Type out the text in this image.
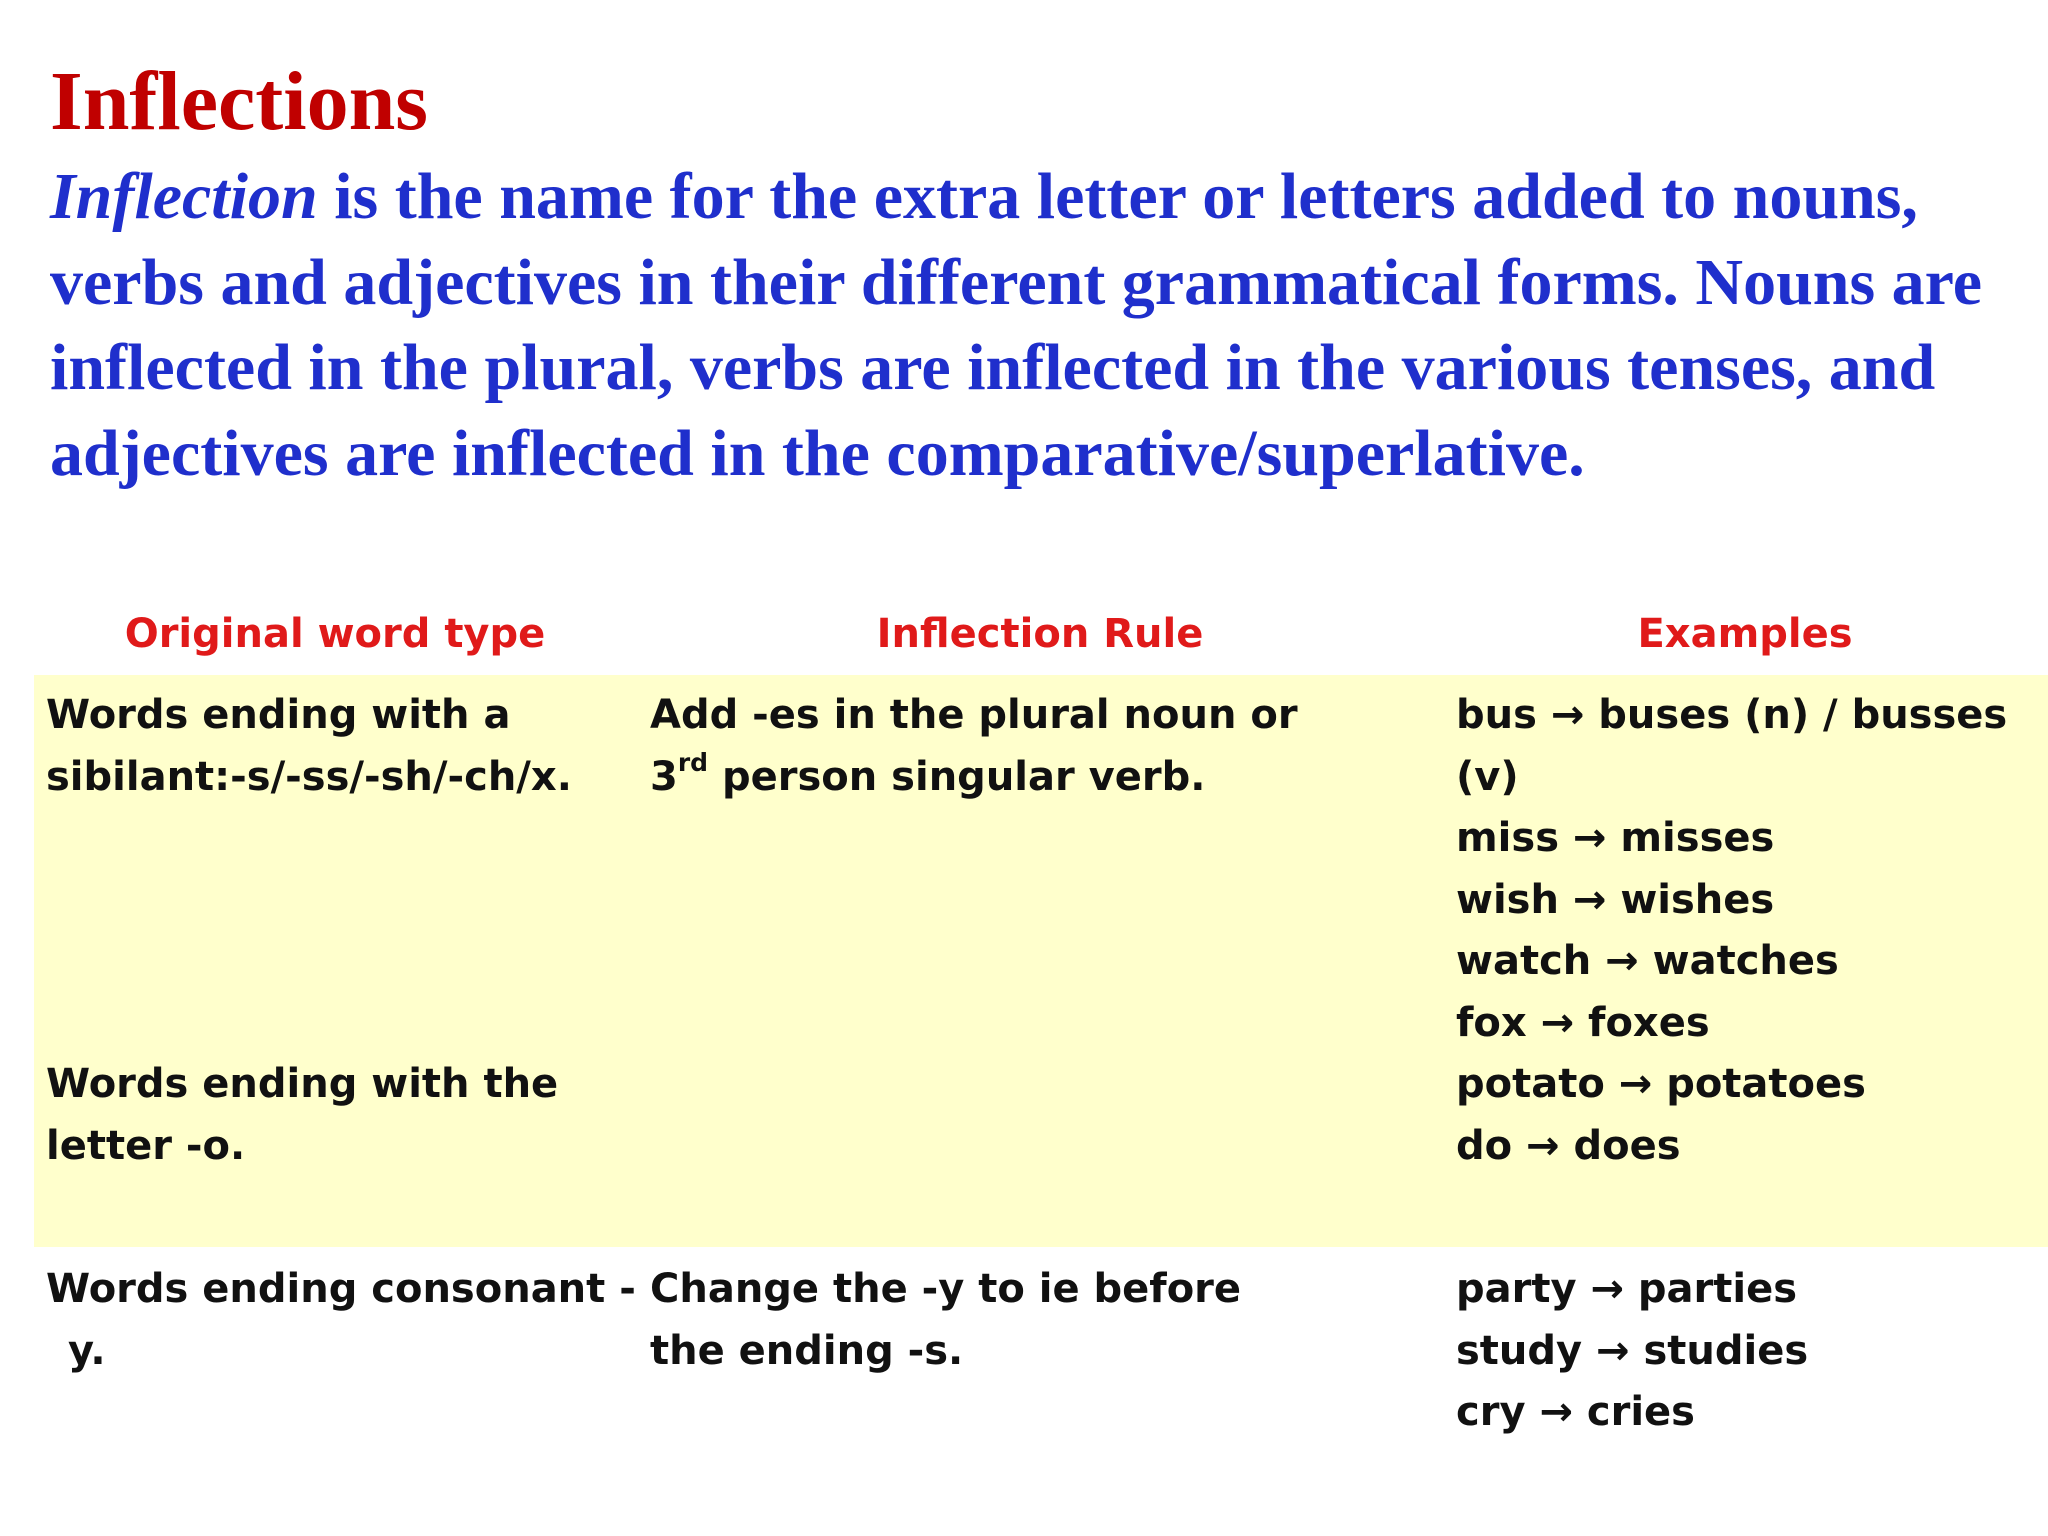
Inflections
Inflection is the name for the extra letter or letters added to nouns, verbs and adjectives in their different grammatical forms. Nouns are inflected in the plural, verbs are inflected in the various tenses, and adjectives are inflected in the comparative/superlative.
Original word type	Inflection Rule	Examples
Words ending with a
sibilant:-s/-ss/-sh/-ch/x.
Words ending with the
letter -o.
Add -es in the plural noun or
3rd person singular verb.
bus → buses (n) / busses
(v)
miss → misses
wish → wishes
watch → watches
fox → foxes
potato → potatoes
do → does
Words ending consonant -
y.
Change the -y to ie before
the ending -s.
party → parties
study → studies
cry → cries
